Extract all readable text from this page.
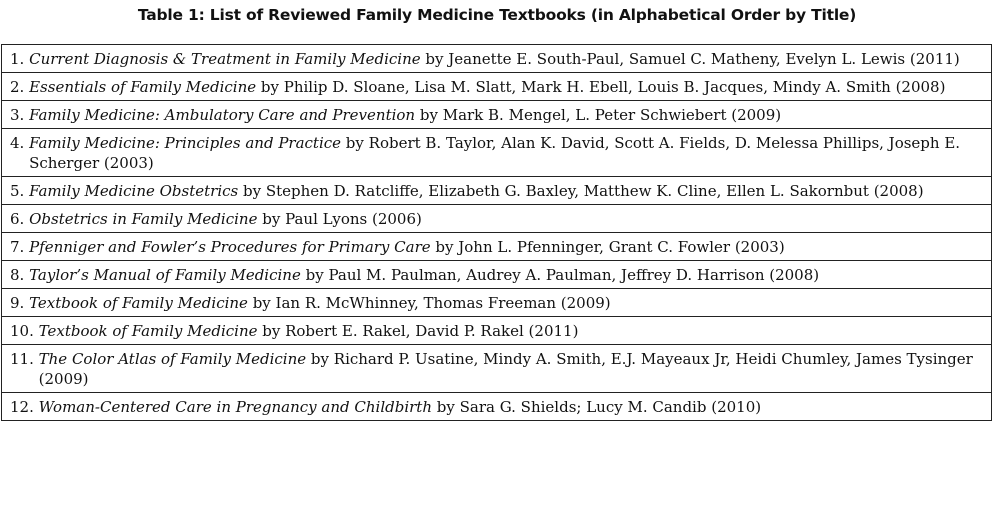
Table 1: List of Reviewed Family Medicine Textbooks (in Alphabetical Order by Title)
1.
Current Diagnosis & Treatment in Family Medicine by Jeanette E. South-Paul, Samuel C. Matheny, Evelyn L. Lewis (2011)

2.
Essentials of Family Medicine by Philip D. Sloane, Lisa M. Slatt, Mark H. Ebell, Louis B. Jacques, Mindy A. Smith (2008)

3.
Family Medicine: Ambulatory Care and Prevention by Mark B. Mengel, L. Peter Schwiebert (2009)

4.
Family Medicine: Principles and Practice by Robert B. Taylor, Alan K. David, Scott A. Fields, D. Melessa Phillips, Joseph E. Scherger (2003)

5.
Family Medicine Obstetrics by Stephen D. Ratcliffe, Elizabeth G. Baxley, Matthew K. Cline, Ellen L. Sakornbut (2008)

6.
Obstetrics in Family Medicine by Paul Lyons (2006)

7.
Pfenniger and Fowler’s Procedures for Primary Care by John L. Pfenninger, Grant C. Fowler (2003)

8.
Taylor’s Manual of Family Medicine by Paul M. Paulman, Audrey A. Paulman, Jeffrey D. Harrison (2008)

9.
Textbook of Family Medicine by Ian R. McWhinney, Thomas Freeman (2009)

10.
Textbook of Family Medicine by Robert E. Rakel, David P. Rakel (2011)

11.
The Color Atlas of Family Medicine by Richard P. Usatine, Mindy A. Smith, E.J. Mayeaux Jr, Heidi Chumley, James Tysinger (2009)

12.
Woman-Centered Care in Pregnancy and Childbirth by Sara G. Shields; Lucy M. Candib (2010)
